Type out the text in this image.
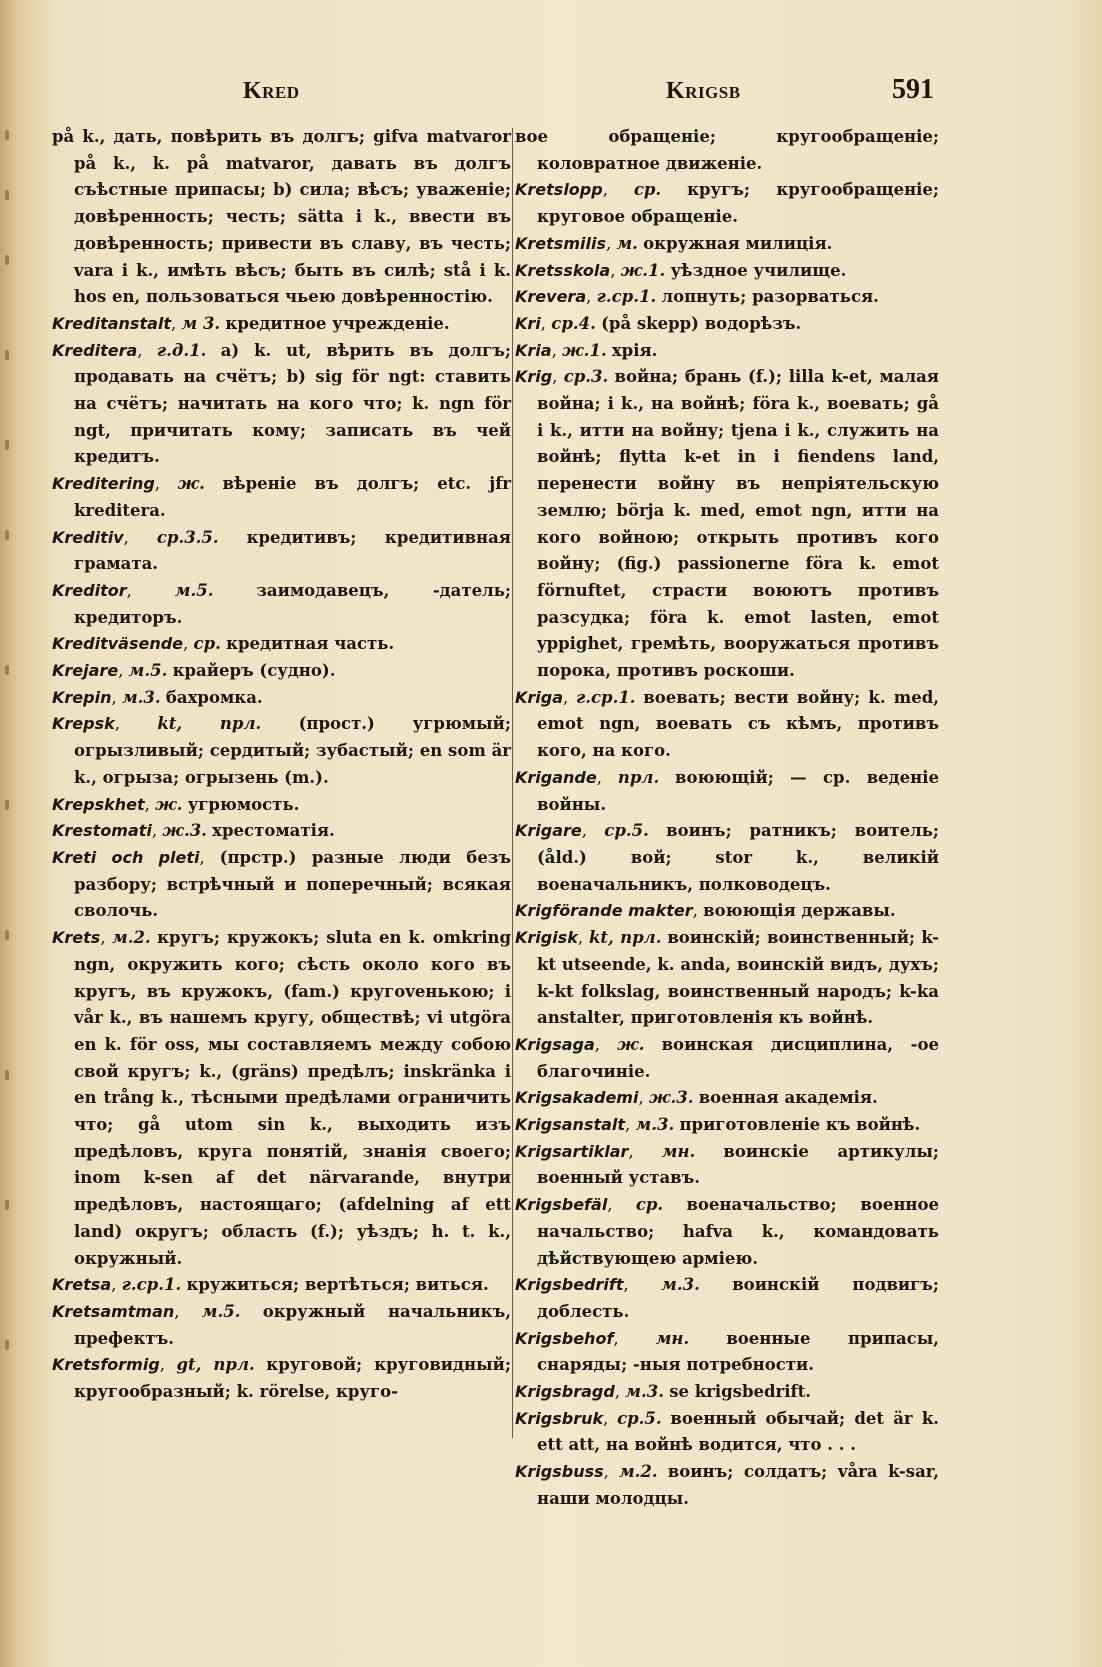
Kred	Krigsb	591

på k., дать, повѣрить въ долгъ; gifva matvaror på k., k. på matvaror, давать въ долгъ съѣстные припасы; b) сила; вѣсъ; уваженіе; довѣренность; честь; sätta i k., ввести въ довѣренность; привести въ славу, въ честь; vara i k., имѣть вѣсъ; быть въ силѣ; stå i k. hos en, пользоваться чьею довѣренностію.

Kreditanstalt, м 3. кредитное учрежденіе.

Kreditera, г.д.1. a) k. ut, вѣрить въ долгъ; продавать на счётъ; b) sig för ngt: ставить на счётъ; начитать на кого что; k. ngn för ngt, причитать кому; записать въ чей кредитъ.

Kreditering, ж. вѣреніе въ долгъ; etc. jfr kreditera.

Kreditiv, ср.3.5. кредитивъ; кредитивная грамата.

Kreditor, м.5.	заимодавецъ, -датель; кредиторъ.

Kreditväsende, ср. кредитная часть.

Krejare, м.5. крайеръ (судно).

Krepin, м.3. бахромка.

Krepsk, kt, прл. (прост.) угрюмый; огрызливый; сердитый; зубастый; en som är k., огрыза; огрызень (m.).

Krepskhet, ж. угрюмость.

Krestomati, ж.3. хрестоматія.

Kreti och pleti, (прстр.) разные люди безъ разбору; встрѣчный и поперечный; всякая сволочь.

Krets, м.2. кругъ; кружокъ; sluta en k. omkring ngn, окружить кого; сѣсть около кого въ кругъ, въ кружокъ, (fam.) кругovенькою; i vår k., въ нашемъ кругу, обществѣ; vi utgöra en k. för oss, мы составляемъ между собою свой кругъ; k., (gräns) предѣлъ; inskränka i en trång k., тѣсными предѣлами ограничить что; gå utom sin k., выходить изъ предѣловъ, круга понятій, знанія своего; inom k-sen af det närvarande, внутри предѣловъ, настоящаго; (afdelning af ett land) округъ; область (f.); уѣздъ; h. t. k., окружный.

Kretsa, г.ср.1. кружиться; вертѣться; виться.

Kretsamtman, м.5. окружный начальникъ, префектъ.

Kretsformig, gt, прл. круговой; круговидный; кругообразный; k. rörelse, круго-

вое обращеніе; кругообращеніе; коловратное движеніе.

Kretslopp, ср. кругъ; кругообращеніе; круговое обращеніе.

Kretsmilis, м. окружная милиція.

Kretsskola, ж.1. уѣздное училище.

Krevera, г.ср.1. лопнуть; разорваться.

Kri, ср.4. (på skepp) водорѣзъ.

Kria, ж.1. хрія.

Krig, ср.3. война; брань (f.); lilla k-et, малая война; i k., на войнѣ; föra k., воевать; gå i k., итти на войну; tjena i k., служить на войнѣ; flytta k-et in i fiendens land, перенести войну въ непріятельскую землю; börja k. med, emot ngn, итти на кого войною; открыть противъ кого войну; (fig.) passionerne föra k. emot förnuftet, страсти воюютъ противъ разсудка; föra k. emot lasten, emot yppighet, гремѣть, вооружаться противъ порока, противъ роскоши.

Kriga, г.ср.1. воевать; вести войну; k. med, emot ngn, воевать съ кѣмъ, противъ кого, на кого.

Krigande, прл. воюющій; — ср. веденіе войны.

Krigare, ср.5. воинъ; ратникъ; воитель; (åld.) вой; stor k., великій военачальникъ, полководецъ.

Krigförande makter, воюющія державы.

Krigisk, kt, прл. воинскій; воинственный; k-kt utseende, k. anda, воинскій видъ, духъ; k-kt folkslag, воинственный народъ; k-ka anstalter, приготовленія къ войнѣ.

Krigsaga, ж. воинская дисциплина, -ое благочиніе.

Krigsakademi, ж.3. военная академія.

Krigsanstalt, м.3. приготовленіе къ войнѣ.

Krigsartiklar, мн. воинскіе артикулы; военный уставъ.

Krigsbefäl, ср. военачальство; военное начальство; hafva k., командовать дѣйствующею арміею.

Krigsbedrift, м.3. воинскій подвигъ; доблесть.

Krigsbehof, мн. военные припасы, снаряды; -ныя потребности.

Krigsbragd, м.3. se krigsbedrift.

Krigsbruk, ср.5. военный обычай; det är k. ett att, на войнѣ водится, что . . .

Krigsbuss, м.2. воинъ; солдатъ; våra k-sar, наши молодцы.
